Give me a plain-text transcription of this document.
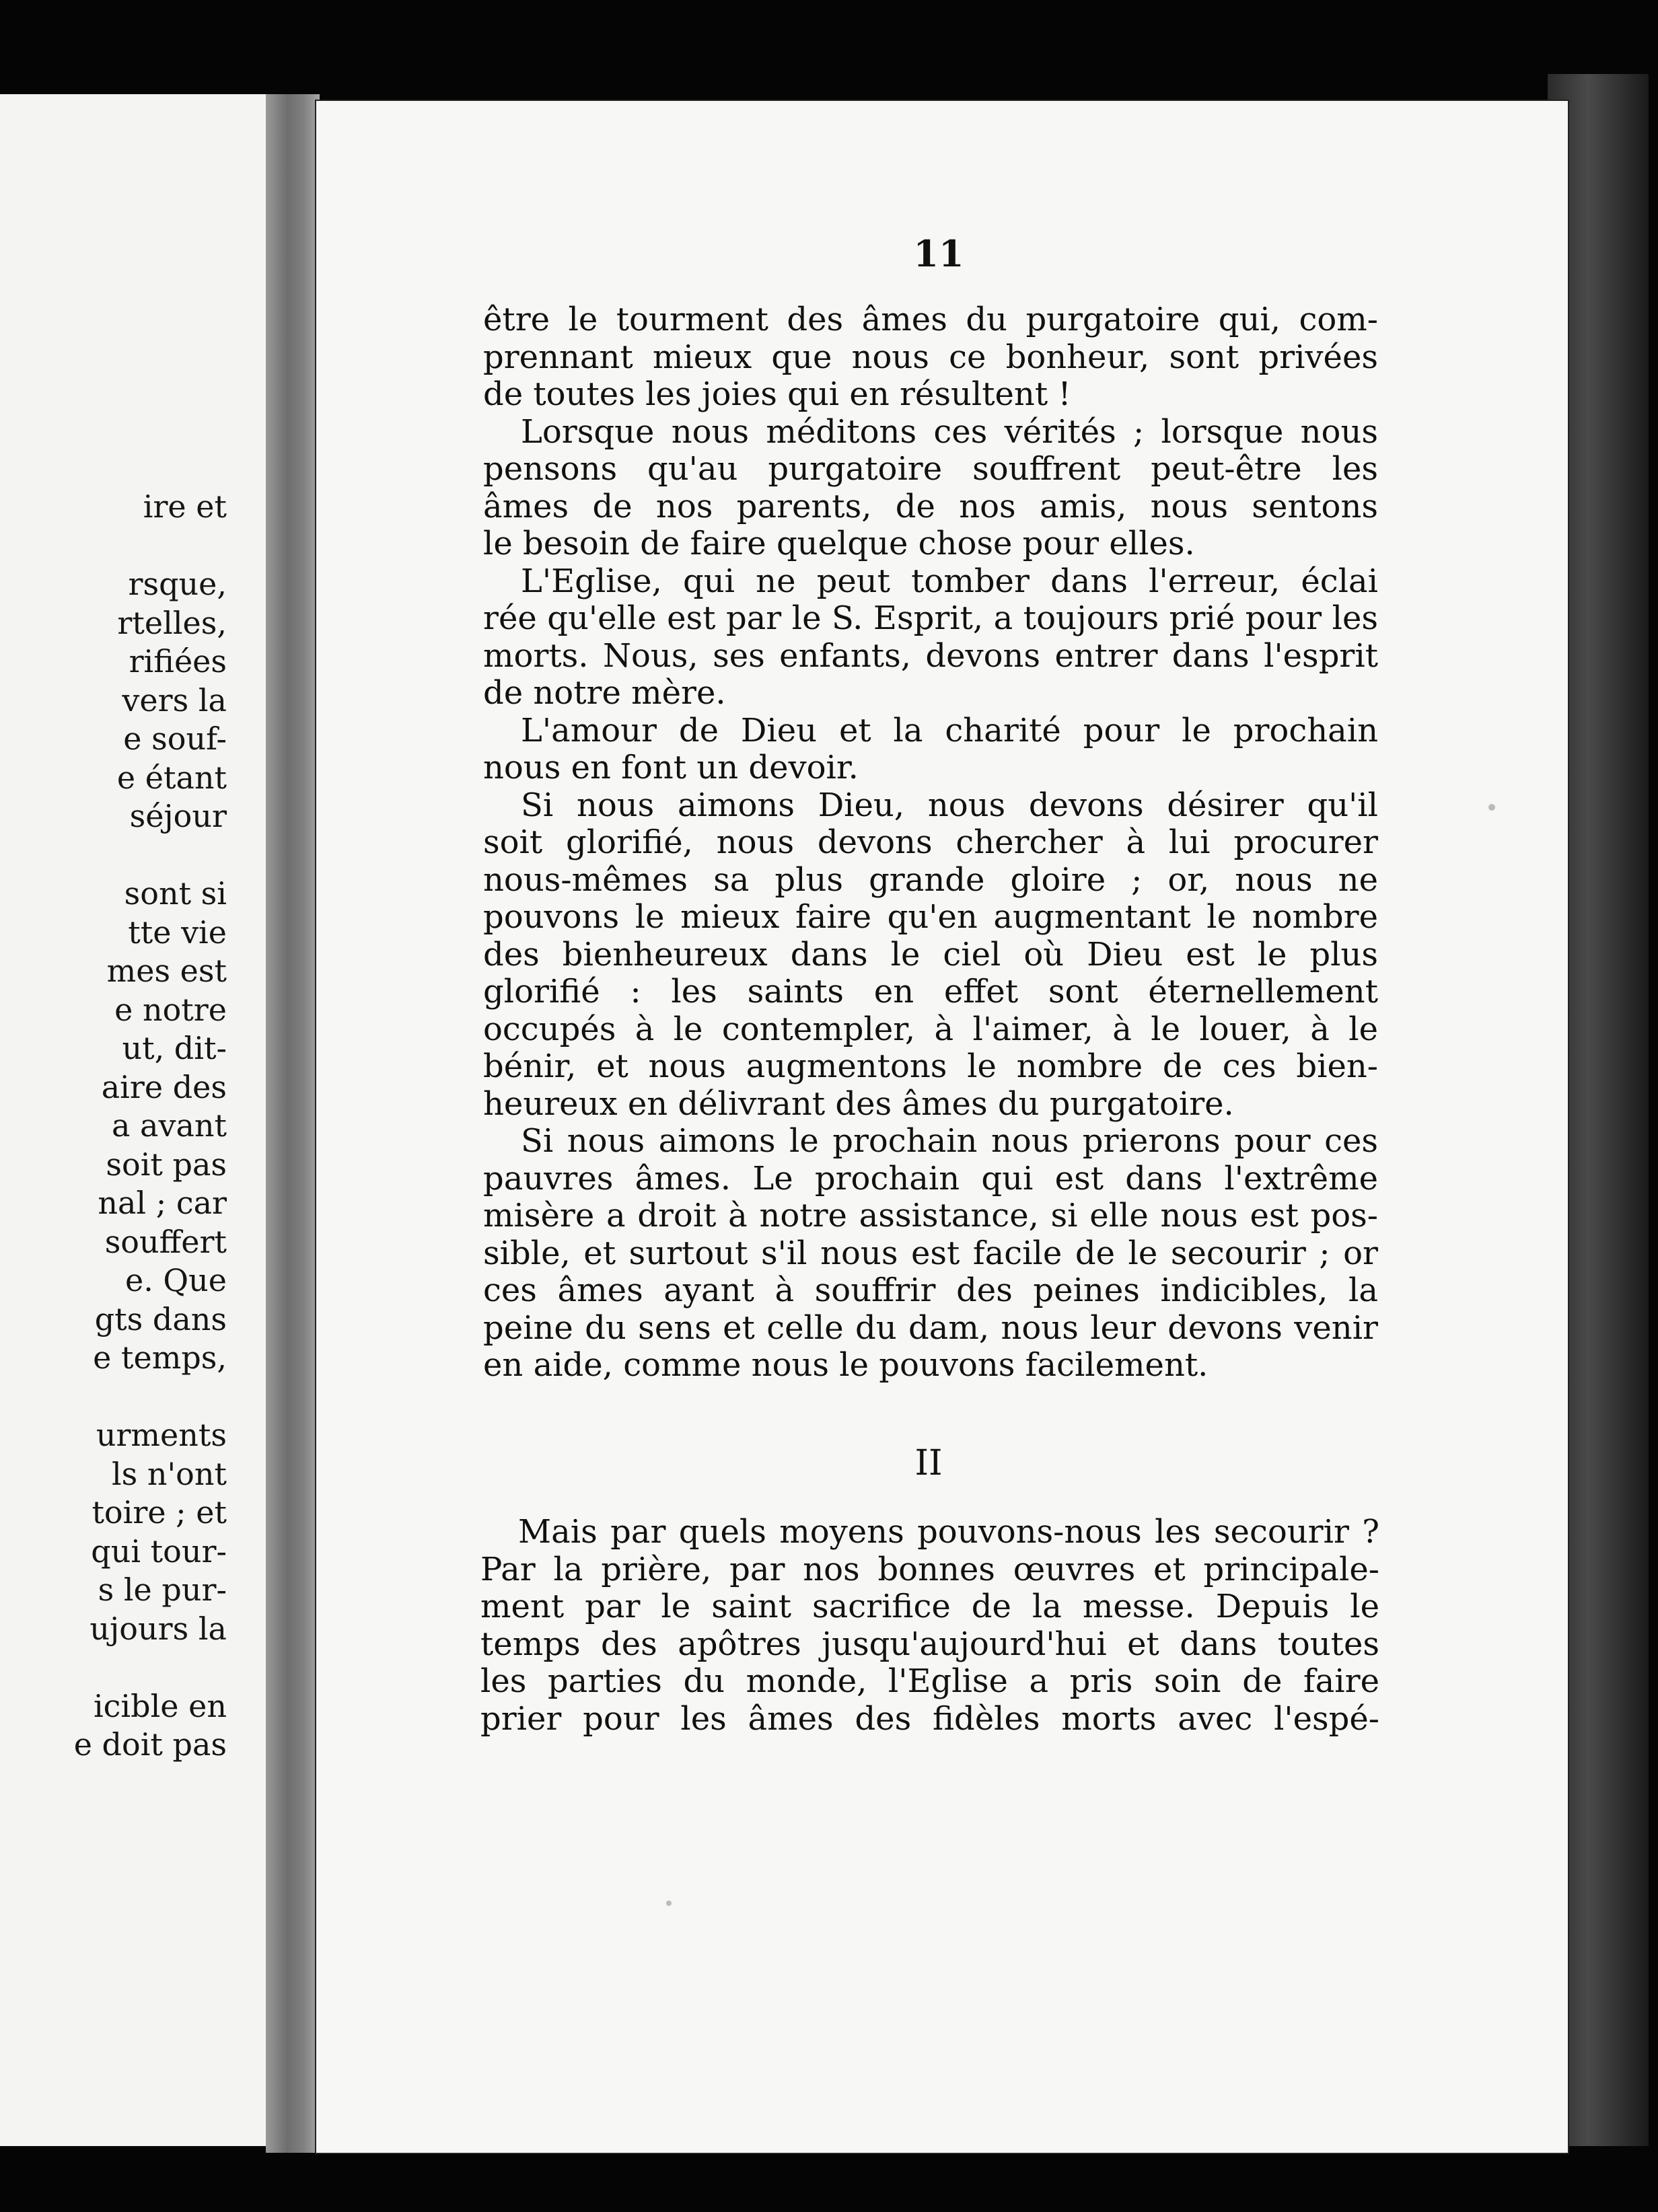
ire et
rsque,
rtelles,
rifiées
vers la
e souf-
e étant
séjour
sont si
tte vie
mes est
e notre
ut, dit-
aire des
a avant
soit pas
nal ; car
souffert
e. Que
gts dans
e temps,
urments
ls n'ont
toire ; et
qui tour-
s le pur-
ujours la
icible en
e doit pas
11
être le tourment des âmes du purgatoire qui, com-
prennant mieux que nous ce bonheur, sont privées
de toutes les joies qui en résultent !
Lorsque nous méditons ces vérités ; lorsque nous
pensons qu'au purgatoire souffrent peut-être les
âmes de nos parents, de nos amis, nous sentons
le besoin de faire quelque chose pour elles.
L'Eglise, qui ne peut tomber dans l'erreur, éclai
rée qu'elle est par le S. Esprit, a toujours prié pour les
morts. Nous, ses enfants, devons entrer dans l'esprit
de notre mère.
L'amour de Dieu et la charité pour le prochain
nous en font un devoir.
Si nous aimons Dieu, nous devons désirer qu'il
soit glorifié, nous devons chercher à lui procurer
nous-mêmes sa plus grande gloire ; or, nous ne
pouvons le mieux faire qu'en augmentant le nombre
des bienheureux dans le ciel où Dieu est le plus
glorifié : les saints en effet sont éternellement
occupés à le contempler, à l'aimer, à le louer, à le
bénir, et nous augmentons le nombre de ces bien-
heureux en délivrant des âmes du purgatoire.
Si nous aimons le prochain nous prierons pour ces
pauvres âmes. Le prochain qui est dans l'extrême
misère a droit à notre assistance, si elle nous est pos-
sible, et surtout s'il nous est facile de le secourir ; or
ces âmes ayant à souffrir des peines indicibles, la
peine du sens et celle du dam, nous leur devons venir
en aide, comme nous le pouvons facilement.
II
Mais par quels moyens pouvons-nous les secourir ?
Par la prière, par nos bonnes œuvres et principale-
ment par le saint sacrifice de la messe. Depuis le
temps des apôtres jusqu'aujourd'hui et dans toutes
les parties du monde, l'Eglise a pris soin de faire
prier pour les âmes des fidèles morts avec l'espé-
